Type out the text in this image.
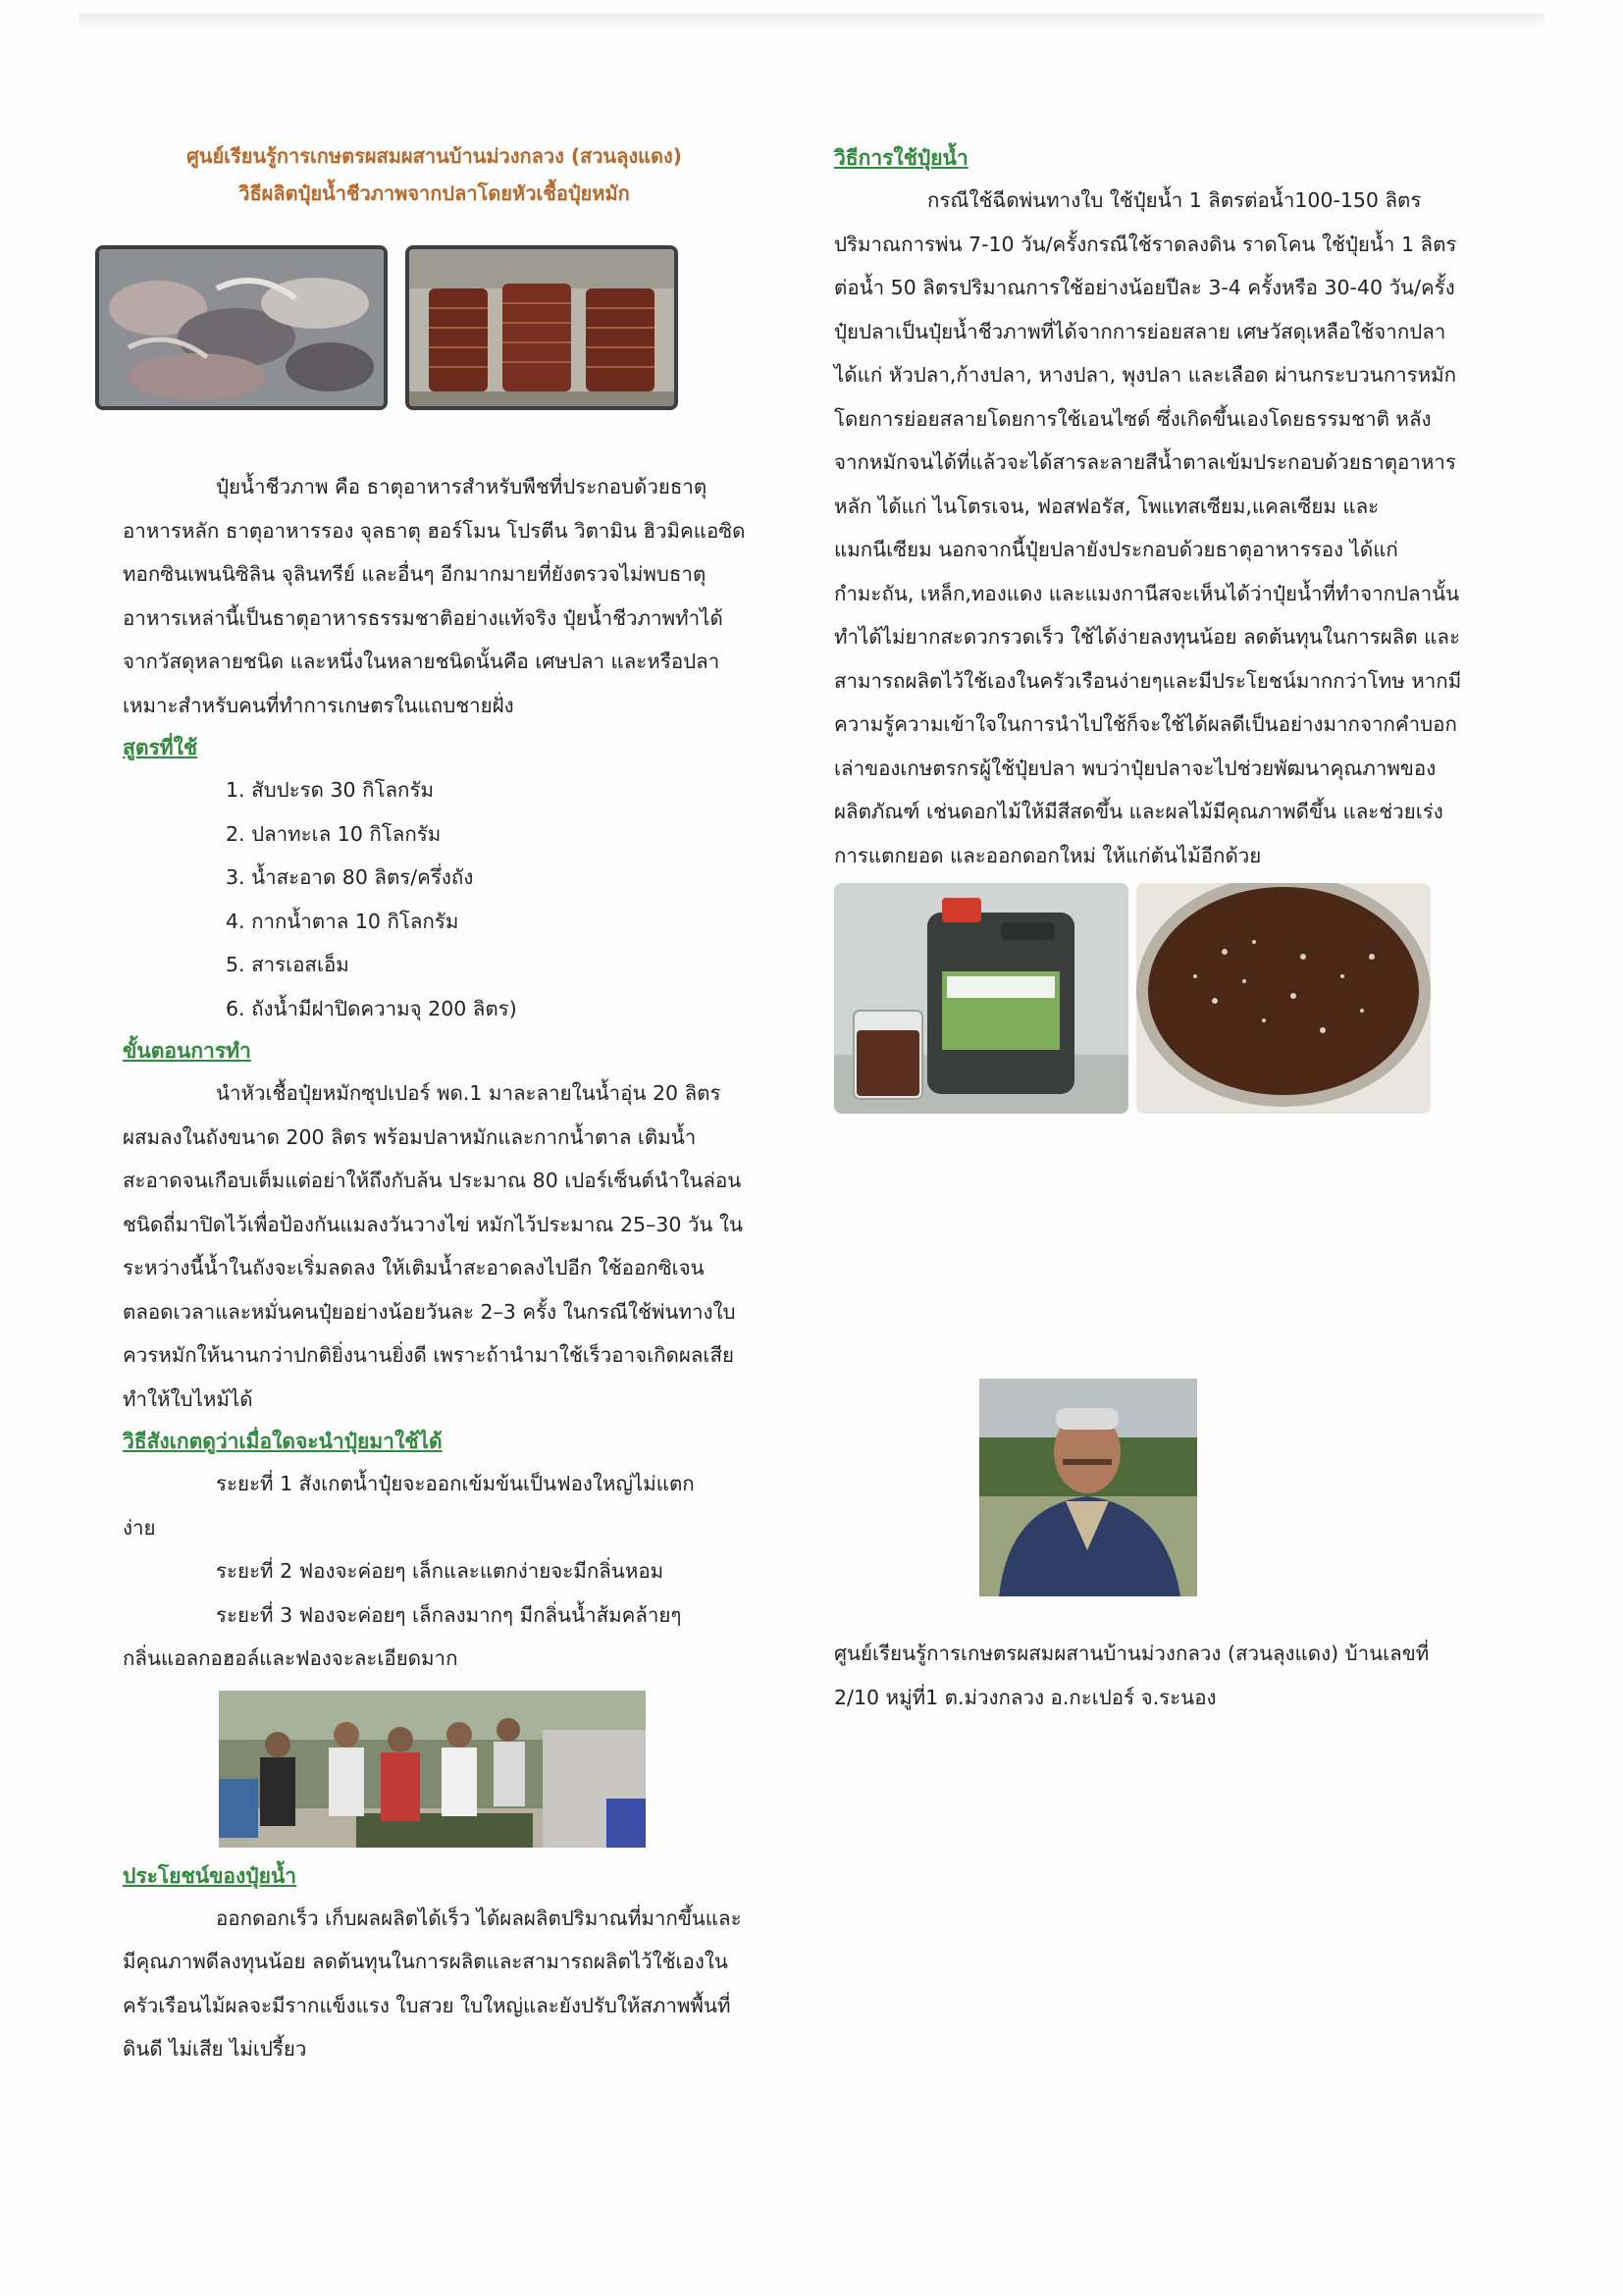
ศูนย์เรียนรู้การเกษตรผสมผสานบ้านม่วงกลวง (สวนลุงแดง)

วิธีผลิตปุ๋ยน้ำชีวภาพจากปลาโดยหัวเชื้อปุ๋ยหมัก

ปุ๋ยน้ำชีวภาพ คือ ธาตุอาหารสำหรับพืชที่ประกอบด้วยธาตุอาหารหลัก ธาตุอาหารรอง จุลธาตุ ฮอร์โมน โปรตีน วิตามิน ฮิวมิคแอซิด ทอกซินเพนนิซิลิน จุลินทรีย์ และอื่นๆ อีกมากมายที่ยังตรวจไม่พบธาตุอาหารเหล่านี้เป็นธาตุอาหารธรรมชาติอย่างแท้จริง ปุ๋ยน้ำชีวภาพทำได้จากวัสดุหลายชนิด และหนึ่งในหลายชนิดนั้นคือ เศษปลา และหรือปลา เหมาะสำหรับคนที่ทำการเกษตรในแถบชายฝั่ง

สูตรที่ใช้

1. สับปะรด 30 กิโลกรัม
2. ปลาทะเล 10 กิโลกรัม
3. น้ำสะอาด 80 ลิตร/ครึ่งถัง
4. กากน้ำตาล 10 กิโลกรัม
5. สารเอสเอ็ม
6. ถังน้ำมีฝาปิดความจุ 200 ลิตร)

ขั้นตอนการทำ

นำหัวเชื้อปุ๋ยหมักซุปเปอร์ พด.1 มาละลายในน้ำอุ่น 20 ลิตร ผสมลงในถังขนาด 200 ลิตร พร้อมปลาหมักและกากน้ำตาล เติมน้ำสะอาดจนเกือบเต็มแต่อย่าให้ถึงกับล้น ประมาณ 80 เปอร์เซ็นต์นำในล่อนชนิดถี่มาปิดไว้เพื่อป้องกันแมลงวันวางไข่ หมักไว้ประมาณ 25–30 วัน ในระหว่างนี้น้ำในถังจะเริ่มลดลง ให้เติมน้ำสะอาดลงไปอีก ใช้ออกซิเจนตลอดเวลาและหมั่นคนปุ๋ยอย่างน้อยวันละ 2–3 ครั้ง ในกรณีใช้พ่นทางใบ ควรหมักให้นานกว่าปกติยิ่งนานยิ่งดี เพราะถ้านำมาใช้เร็วอาจเกิดผลเสียทำให้ใบไหม้ได้

วิธีสังเกตดูว่าเมื่อใดจะนำปุ๋ยมาใช้ได้

ระยะที่ 1 สังเกตน้ำปุ๋ยจะออกเข้มข้นเป็นฟองใหญ่ไม่แตก

ง่าย

ระยะที่ 2 ฟองจะค่อยๆ เล็กและแตกง่ายจะมีกลิ่นหอม

ระยะที่ 3 ฟองจะค่อยๆ เล็กลงมากๆ มีกลิ่นน้ำส้มคล้ายๆ

กลิ่นแอลกอฮอล์และฟองจะละเอียดมาก

ประโยชน์ของปุ๋ยน้ำ

ออกดอกเร็ว เก็บผลผลิตได้เร็ว ได้ผลผลิตปริมาณที่มากขึ้นและมีคุณภาพดีลงทุนน้อย ลดต้นทุนในการผลิตและสามารถผลิตไว้ใช้เองในครัวเรือนไม้ผลจะมีรากแข็งแรง ใบสวย ใบใหญ่และยังปรับให้สภาพพื้นที่ดินดี ไม่เสีย ไม่เปรี้ยว

วิธีการใช้ปุ๋ยน้ำ

กรณีใช้ฉีดพ่นทางใบ ใช้ปุ๋ยน้ำ 1 ลิตรต่อน้ำ100-150 ลิตรปริมาณการพ่น 7-10 วัน/ครั้งกรณีใช้ราดลงดิน ราดโคน ใช้ปุ๋ยน้ำ 1 ลิตรต่อน้ำ 50 ลิตรปริมาณการใช้อย่างน้อยปีละ 3-4 ครั้งหรือ 30-40 วัน/ครั้งปุ๋ยปลาเป็นปุ๋ยน้ำชีวภาพที่ได้จากการย่อยสลาย เศษวัสดุเหลือใช้จากปลา ได้แก่ หัวปลา,ก้างปลา, หางปลา, พุงปลา และเลือด ผ่านกระบวนการหมักโดยการย่อยสลายโดยการใช้เอนไซด์ ซึ่งเกิดขึ้นเองโดยธรรมชาติ หลังจากหมักจนได้ที่แล้วจะได้สารละลายสีน้ำตาลเข้มประกอบด้วยธาตุอาหารหลัก ได้แก่ ไนโตรเจน, ฟอสฟอรัส, โพแทสเซียม,แคลเซียม และแมกนีเซียม นอกจากนี้ปุ๋ยปลายังประกอบด้วยธาตุอาหารรอง ได้แก่ กำมะถัน, เหล็ก,ทองแดง และแมงกานีสจะเห็นได้ว่าปุ๋ยน้ำที่ทำจากปลานั้น ทำได้ไม่ยากสะดวกรวดเร็ว ใช้ได้ง่ายลงทุนน้อย ลดต้นทุนในการผลิต และสามารถผลิตไว้ใช้เองในครัวเรือนง่ายๆและมีประโยชน์มากกว่าโทษ หากมีความรู้ความเข้าใจในการนำไปใช้ก็จะใช้ได้ผลดีเป็นอย่างมากจากคำบอกเล่าของเกษตรกรผู้ใช้ปุ๋ยปลา พบว่าปุ๋ยปลาจะไปช่วยพัฒนาคุณภาพของผลิตภัณฑ์ เช่นดอกไม้ให้มีสีสดขึ้น และผลไม้มีคุณภาพดีขึ้น และช่วยเร่งการแตกยอด และออกดอกใหม่ ให้แก่ต้นไม้อีกด้วย

ศูนย์เรียนรู้การเกษตรผสมผสานบ้านม่วงกลวง (สวนลุงแดง) บ้านเลขที่ 2/10 หมู่ที่1 ต.ม่วงกลวง อ.กะเปอร์ จ.ระนอง
